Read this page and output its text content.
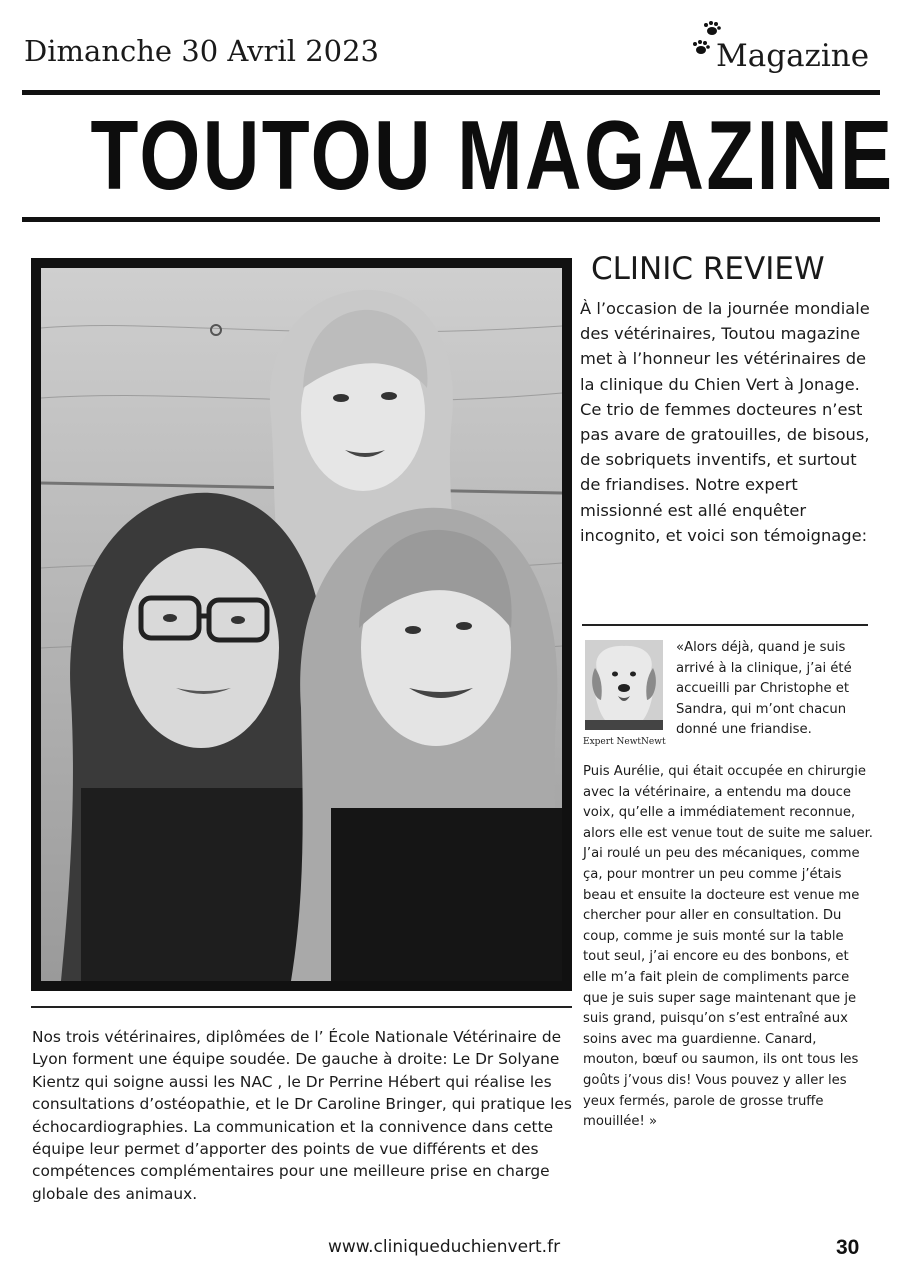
Dimanche 30 Avril 2023	Magazine
TOUTOU MAGAZINE
Nos trois vétérinaires, diplômées de l’ École Nationale Vétérinaire de Lyon forment une équipe soudée. De gauche à droite: Le Dr Solyane Kientz qui soigne aussi les NAC , le Dr Perrine Hébert qui réalise les consultations d’ostéopathie, et le Dr Caroline Bringer, qui pratique les échocardiographies. La communication et la connivence dans cette équipe leur permet d’apporter des points de vue différents et des compétences complémentaires pour une meilleure prise en charge globale des animaux.
CLINIC REVIEW
À l’occasion de la journée mondiale des vétérinaires, Toutou magazine met à l’honneur les vétérinaires de la clinique du Chien Vert à Jonage. Ce trio de femmes docteures n’est pas avare de gratouilles, de bisous, de sobriquets inventifs, et surtout de friandises. Notre expert missionné est allé enquêter incognito, et voici son témoignage:
Expert NewtNewt
«Alors déjà, quand je suis arrivé à la clinique, j’ai été accueilli par Christophe et Sandra, qui m’ont chacun donné une friandise.
Puis Aurélie, qui était occupée en chirurgie avec la vétérinaire, a entendu ma douce voix, qu’elle a immédiatement reconnue, alors elle est venue tout de suite me saluer. J’ai roulé un peu des mécaniques, comme ça, pour montrer un peu comme j’étais beau et ensuite la docteure est venue me chercher pour aller en consultation. Du coup, comme je suis monté sur la table tout seul, j’ai encore eu des bonbons, et elle m’a fait plein de compliments parce que je suis super sage maintenant que je suis grand, puisqu’on s’est entraîné aux soins avec ma guardienne. Canard, mouton, bœuf ou saumon, ils ont tous les goûts j’vous dis! Vous pouvez y aller les yeux fermés, parole de grosse truffe mouillée! »
www.cliniqueduchienvert.fr	30
